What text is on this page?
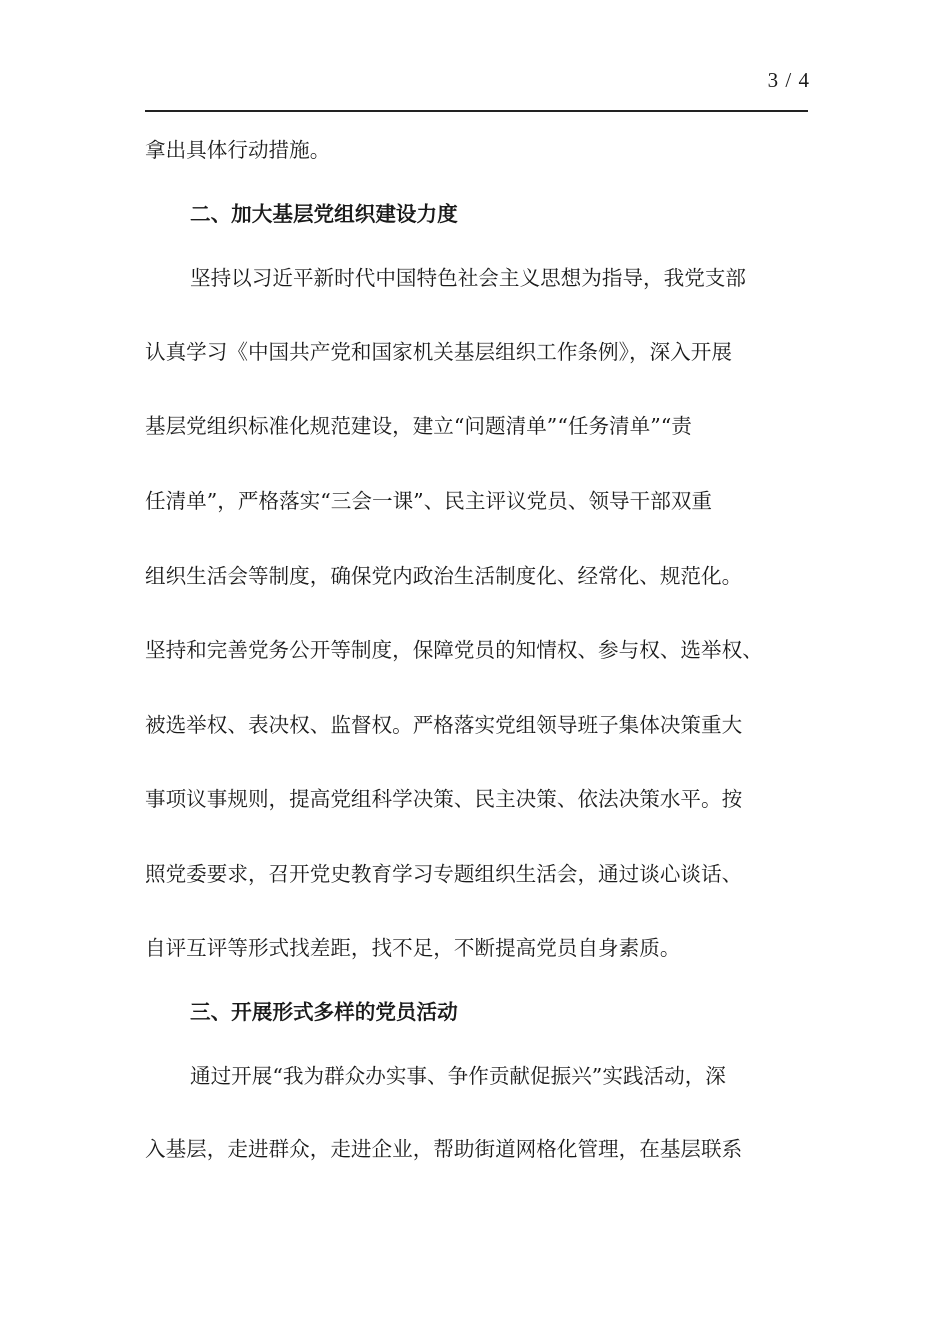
3 / 4
拿出具体行动措施。
二、加大基层党组织建设力度
坚持以习近平新时代中国特色社会主义思想为指导，我党支部
认真学习《中国共产党和国家机关基层组织工作条例》，深入开展
基层党组织标准化规范建设，建立“问题清单”“任务清单”“责
任清单”，严格落实“三会一课”、民主评议党员、领导干部双重
组织生活会等制度，确保党内政治生活制度化、经常化、规范化。
坚持和完善党务公开等制度，保障党员的知情权、参与权、选举权、
被选举权、表决权、监督权。严格落实党组领导班子集体决策重大
事项议事规则，提高党组科学决策、民主决策、依法决策水平。按
照党委要求，召开党史教育学习专题组织生活会，通过谈心谈话、
自评互评等形式找差距，找不足，不断提高党员自身素质。
三、开展形式多样的党员活动
通过开展“我为群众办实事、争作贡献促振兴”实践活动，深
入基层，走进群众，走进企业，帮助街道网格化管理，在基层联系
